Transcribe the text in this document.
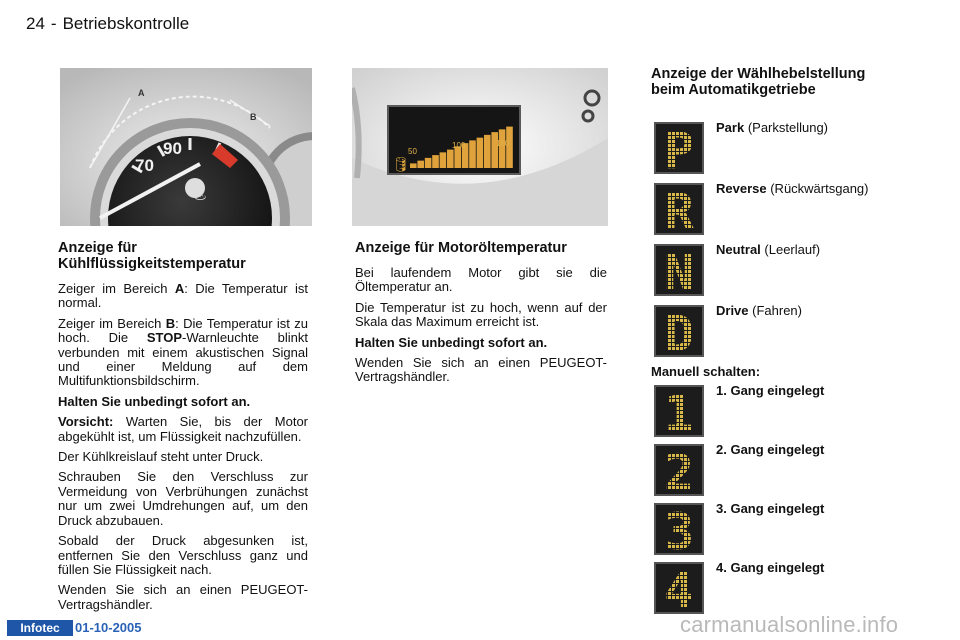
24 - Betriebskontrolle
♨
A
B
90
70	🛢
50
100	150
Anzeige für Kühlflüssigkeitstemperatur

Zeiger im Bereich A: Die Temperatur ist normal.

Zeiger im Bereich B: Die Temperatur ist zu hoch. Die STOP-Warnleuchte blinkt verbunden mit einem akustischen Signal und einer Meldung auf dem Multifunktionsbildschirm.

Halten Sie unbedingt sofort an.

Vorsicht: Warten Sie, bis der Motor abgekühlt ist, um Flüssigkeit nachzufüllen.

Der Kühlkreislauf steht unter Druck.

Schrauben Sie den Verschluss zur Vermeidung von Verbrühungen zunächst nur um zwei Umdrehungen auf, um den Druck abzubauen.

Sobald der Druck abgesunken ist, entfernen Sie den Verschluss ganz und füllen Sie Flüssigkeit nach.

Wenden Sie sich an einen PEUGEOT-Vertragshändler.

Anzeige für Motoröltemperatur

Bei laufendem Motor gibt sie die Öltemperatur an.

Die Temperatur ist zu hoch, wenn auf der Skala das Maximum erreicht ist.

Halten Sie unbedingt sofort an.

Wenden Sie sich an einen PEUGEOT-Vertragshändler.

Anzeige der Wählhebelstellung beim Automatikgetriebe
P Park (Parkstellung)
R Reverse (Rückwärtsgang)
N Neutral (Leerlauf)
D Drive (Fahren)
Manuell schalten:
1 1. Gang eingelegt
2 2. Gang eingelegt
3 3. Gang eingelegt
4 4. Gang eingelegt
Infotec	01-10-2005	carmanualsonline.info
